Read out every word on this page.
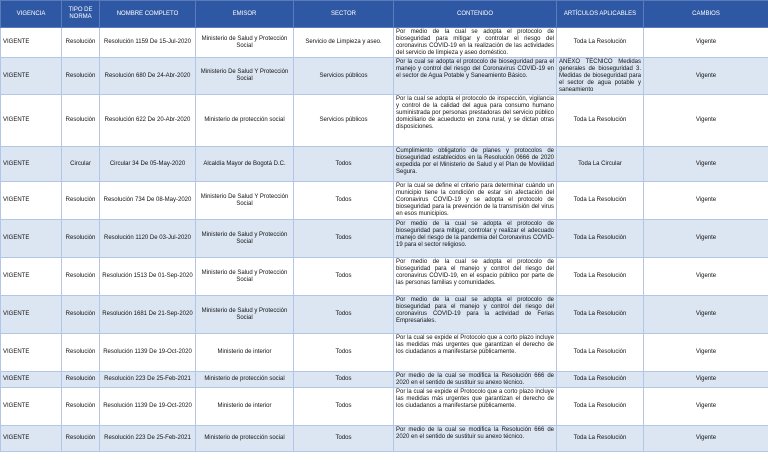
VIGENCIA	TIPO DE NORMA	NOMBRE COMPLETO	EMISOR	SECTOR	CONTENIDO	ARTÍCULOS APLICABLES	CAMBIOS
VIGENTE	Resolución	Resolución 1159 De 15-Jul-2020	Ministerio de Salud y Protección Social	Servicio de Limpieza y aseo.	Por medio de la cual se adopta el protocolo de bioseguridad para mitigar y controlar el riesgo del coronavirus COVID-19 en la realización de las actividades del servicio de limpieza y aseo doméstico.	Toda La Resolución	Vigente
VIGENTE	Resolución	Resolución 680 De 24-Abr-2020	Ministerio De Salud Y Protección Social	Servicios públicos	Por la cual se adopta el protocolo de bioseguridad para el manejo y control del riesgo del Coronavirus COVID-19 en el sector de Agua Potable y Saneamiento Básico.	ANEXO TÉCNICO Medidas generales de bioseguridad 3. Medidas de bioseguridad para el sector de agua potable y saneamiento	Vigente
VIGENTE	Resolución	Resolución 622 De 20-Abr-2020	Ministerio de protección social	Servicios públicos	Por la cual se adopta el protocolo de inspección, vigilancia y control de la calidad del agua para consumo humano suministrada por personas prestadoras del servicio público domiciliario de acueducto en zona rural, y se dictan otras disposiciones.	Toda La Resolución	Vigente
VIGENTE	Circular	Circular 34 De 05-May-2020	Alcaldía Mayor de Bogotá D.C.	Todos	Cumplimiento obligatorio de planes y protocolos de bioseguridad establecidos en la Resolución 0666 de 2020 expedida por el Ministerio de Salud y el Plan de Movilidad Segura.	Toda La Circular	Vigente
VIGENTE	Resolución	Resolución 734 De 08-May-2020	Ministerio De Salud Y Protección Social	Todos	Por la cual se define el criterio para determinar cuándo un municipio tiene la condición de estar sin afectación del Coronavirus COVID-19 y se adopta el protocolo de bioseguridad para la prevención de la transmisión del virus en esos municipios.	Toda La Resolución	Vigente
VIGENTE	Resolución	Resolución 1120 De 03-Jul-2020	Ministerio de Salud y Protección Social	Todos	Por medio de la cual se adopta el protocolo de bioseguridad para mitigar, controlar y realizar el adecuado manejo del riesgo de la pandemia del Coronavirus COVID-19 para el sector religioso.	Toda La Resolución	Vigente
VIGENTE	Resolución	Resolución 1513 De 01-Sep-2020	Ministerio de Salud y Protección Social	Todos	Por medio de la cual se adopta el protocolo de bioseguridad para el manejo y control del riesgo del coronavirus COVID-19, en el espacio público por parte de las personas familias y comunidades.	Toda La Resolución	Vigente
VIGENTE	Resolución	Resolución 1681 De 21-Sep-2020	Ministerio de Salud y Protección Social	Todos	Por medio de la cual se adopta el protocolo de bioseguridad para el manejo y control del riesgo del coronavirus COVID-19 para la actividad de Ferias Empresariales.	Toda La Resolución	Vigente
VIGENTE	Resolución	Resolución 1139 De 19-Oct-2020	Ministerio de interior	Todos	Por la cual se expide el Protocolo que a corto plazo incluye las medidas más urgentes que garantizan el derecho de los ciudadanos a manifestarse públicamente.	Toda La Resolución	Vigente
VIGENTE	Resolución	Resolución 223 De 25-Feb-2021	Ministerio de protección social	Todos	Por medio de la cual se modifica la Resolución 666 de 2020 en el sentido de sustituir su anexo técnico.	Toda La Resolución	Vigente
VIGENTE	Resolución	Resolución 1139 De 19-Oct-2020	Ministerio de interior	Todos	Por la cual se expide el Protocolo que a corto plazo incluye las medidas más urgentes que garantizan el derecho de los ciudadanos a manifestarse públicamente.	Toda La Resolución	Vigente
VIGENTE	Resolución	Resolución 223 De 25-Feb-2021	Ministerio de protección social	Todos	Por medio de la cual se modifica la Resolución 666 de 2020 en el sentido de sustituir su anexo técnico.	Toda La Resolución	Vigente
